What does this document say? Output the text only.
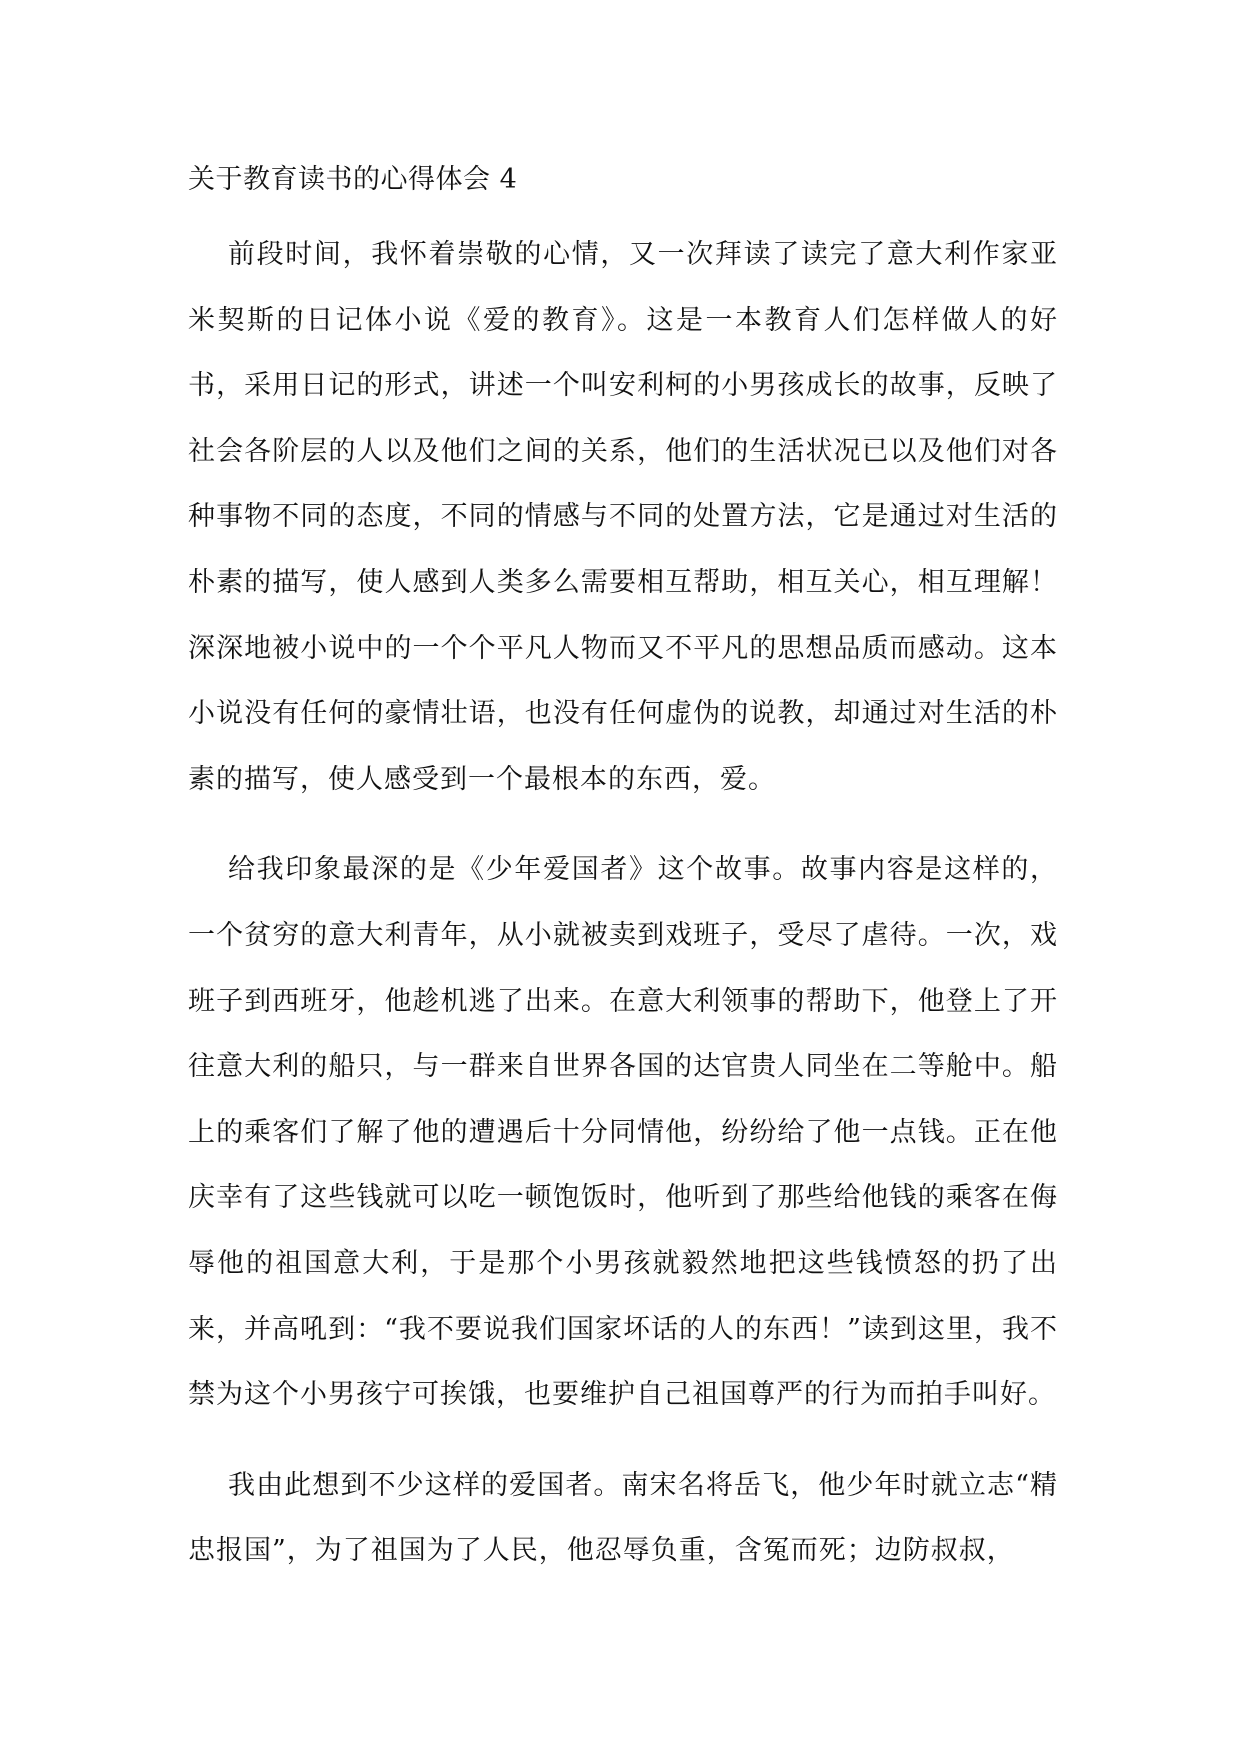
关于教育读书的心得体会 4

前段时间，我怀着崇敬的心情，又一次拜读了读完了意大利作家亚米契斯的日记体小说《爱的教育》。这是一本教育人们怎样做人的好书，采用日记的形式，讲述一个叫安利柯的小男孩成长的故事，反映了社会各阶层的人以及他们之间的关系，他们的生活状况已以及他们对各种事物不同的态度，不同的情感与不同的处置方法，它是通过对生活的朴素的描写，使人感到人类多么需要相互帮助，相互关心，相互理解！深深地被小说中的一个个平凡人物而又不平凡的思想品质而感动。这本小说没有任何的豪情壮语，也没有任何虚伪的说教，却通过对生活的朴素的描写，使人感受到一个最根本的东西，爱。

给我印象最深的是《少年爱国者》这个故事。故事内容是这样的，一个贫穷的意大利青年，从小就被卖到戏班子，受尽了虐待。一次，戏班子到西班牙，他趁机逃了出来。在意大利领事的帮助下，他登上了开往意大利的船只，与一群来自世界各国的达官贵人同坐在二等舱中。船上的乘客们了解了他的遭遇后十分同情他，纷纷给了他一点钱。正在他庆幸有了这些钱就可以吃一顿饱饭时，他听到了那些给他钱的乘客在侮辱他的祖国意大利，于是那个小男孩就毅然地把这些钱愤怒的扔了出来，并高吼到：“我不要说我们国家坏话的人的东西！”读到这里，我不禁为这个小男孩宁可挨饿，也要维护自己祖国尊严的行为而拍手叫好。

我由此想到不少这样的爱国者。南宋名将岳飞，他少年时就立志“精忠报国”，为了祖国为了人民，他忍辱负重，含冤而死；边防叔叔，
